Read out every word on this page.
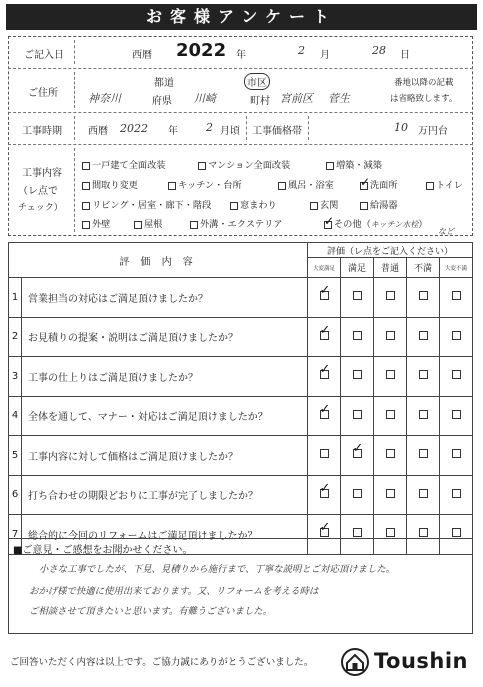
お客様アンケート
ご記入日	西暦 2022 年	2 月	28 日
ご住所
都道
神奈川	府県 川崎
市区
町村 宮前区 菅生
番地以降の記載
は省略致します。
工事時期	西暦 2022 年	2 月頃 工事価格帯	10 万円台
工事内容
（レ点で
チェック）
一戸建て全面改装	マンション全面改装	増築・減築
間取り変更	キッチン・台所	風呂・浴室 ✓ 洗面所	トイレ
リビング・居室・廊下・階段	窓まわり	玄関	給湯器
外壁	屋根	外溝・エクステリア	✓ その他（キッチン水栓）
など
評 価 内 容		評価（レ点をご記入ください）				
		大変満足	満足	普通	不満	大変不満
1	営業担当の対応はご満足頂けましたか？	✓				

2	お見積りの提案・説明はご満足頂けましたか？	✓				

3	工事の仕上りはご満足頂けましたか？	✓				

4	全体を通して、マナー・対応はご満足頂けましたか？	✓				

5	工事内容に対して価格はご満足頂けましたか？		✓			

6	打ち合わせの期限どおりに工事が完了しましたか？	✓				

7	総合的に今回のリフォームはご満足頂けましたか？	✓				

■ご意見・ご感想をお聞かせください。
小さな工事でしたが、下見、見積りから施行まで、丁寧な説明とご対応頂けました。
おかげ様で快適に使用出来ております。又、リフォームを考える時は
ご相談させて頂きたいと思います。有難うございました。
ご回答いただく内容は以上です。ご協力誠にありがとうございました。	Toushin
